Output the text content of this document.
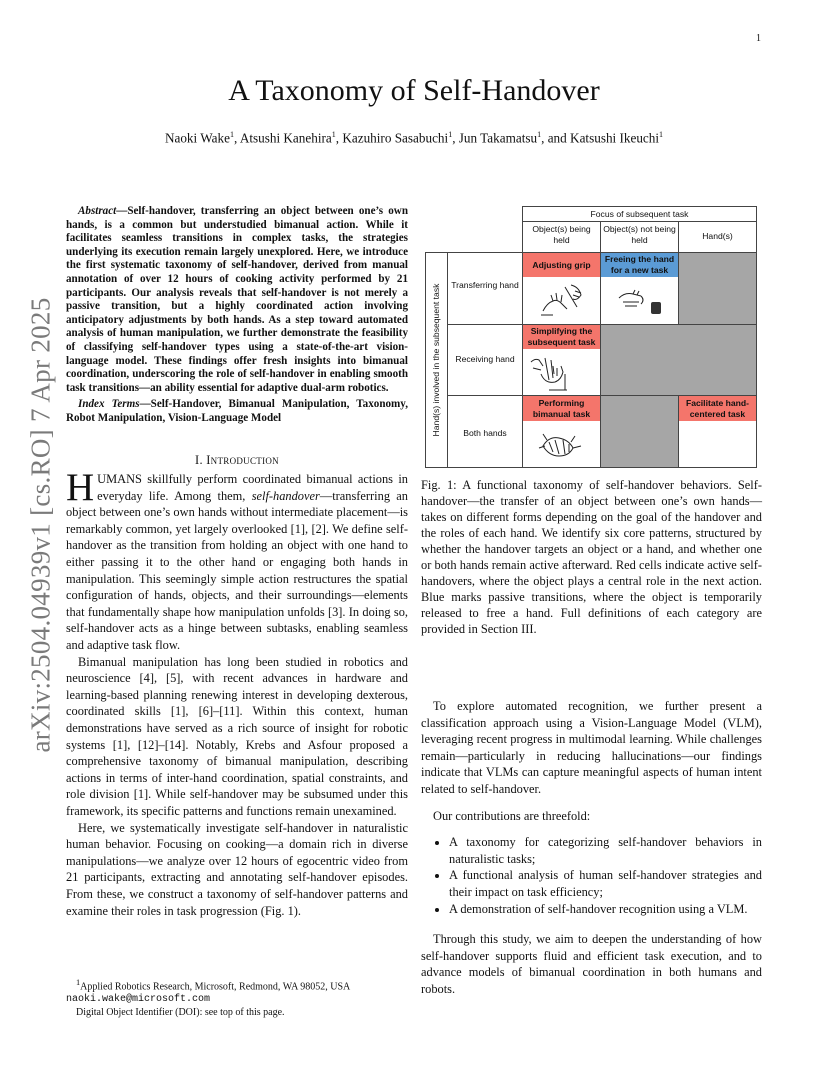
1
arXiv:2504.04939v1 [cs.RO] 7 Apr 2025
A Taxonomy of Self-Handover
Naoki Wake$^1$, Atsushi Kanehira$^1$, Kazuhiro Sasabuchi$^1$, Jun Takamatsu$^1$, and Katsushi Ikeuchi$^1$

Abstract—Self-handover, transferring an object between one’s own hands, is a common but understudied bimanual action. While it facilitates seamless transitions in complex tasks, the strategies underlying its execution remain largely unexplored. Here, we introduce the first systematic taxonomy of self-handover, derived from manual annotation of over 12 hours of cooking activity performed by 21 participants. Our analysis reveals that self-handover is not merely a passive transition, but a highly coordinated action involving anticipatory adjustments by both hands. As a step toward automated analysis of human manipulation, we further demonstrate the feasibility of classifying self-handover types using a state-of-the-art vision-language model. These findings offer fresh insights into bimanual coordination, underscoring the role of self-handover in enabling smooth task transitions—an ability essential for adaptive dual-arm robotics.

Index Terms—Self-Handover, Bimanual Manipulation, Taxonomy, Robot Manipulation, Vision-Language Model

I. Introduction

HUMANS skillfully perform coordinated bimanual actions in everyday life. Among them, self-handover—transferring an object between one’s own hands without intermediate placement—is remarkably common, yet largely overlooked [1], [2]. We define self-handover as the transition from holding an object with one hand to either passing it to the other hand or engaging both hands in manipulation. This seemingly simple action restructures the spatial configuration of hands, objects, and their surroundings—elements that fundamentally shape how manipulation unfolds [3]. In doing so, self-handover acts as a hinge between subtasks, enabling seamless and adaptive task flow.

Bimanual manipulation has long been studied in robotics and neuroscience [4], [5], with recent advances in hardware and learning-based planning renewing interest in developing dexterous, coordinated skills [1], [6]–[11]. Within this context, human demonstrations have served as a rich source of insight for robotic systems [1], [12]–[14]. Notably, Krebs and Asfour proposed a comprehensive taxonomy of bimanual manipulation, describing actions in terms of inter-hand coordination, spatial constraints, and role division [1]. While self-handover may be subsumed under this framework, its specific patterns and functions remain unexamined.

Here, we systematically investigate self-handover in naturalistic human behavior. Focusing on cooking—a domain rich in diverse manipulations—we analyze over 12 hours of egocentric video from 21 participants, extracting and annotating self-handover episodes. From these, we construct a taxonomy of self-handover patterns and examine their roles in task progression (Fig. 1).

$^1$Applied Robotics Research, Microsoft, Redmond, WA 98052, USA
naoki.wake@microsoft.com
Digital Object Identifier (DOI): see top of this page.
Focus of subsequent task
Object(s) being held
Object(s) not being held	Hand(s)
Hand(s) involved in the subsequent task Transferring hand
Receiving hand
Both hands
Adjusting grip
Freeing the hand for a new task
Simplifying the subsequent task
Performing bimanual task
Facilitate hand-centered task
Fig. 1: A functional taxonomy of self-handover behaviors. Self-handover—the transfer of an object between one’s own hands—takes on different forms depending on the goal of the handover and the roles of each hand. We identify six core patterns, structured by whether the handover targets an object or a hand, and whether one or both hands remain active afterward. Red cells indicate active self-handovers, where the object plays a central role in the next action. Blue marks passive transitions, where the object is temporarily released to free a hand. Full definitions of each category are provided in Section III.

To explore automated recognition, we further present a classification approach using a Vision-Language Model (VLM), leveraging recent progress in multimodal learning. While challenges remain—particularly in reducing hallucinations—our findings indicate that VLMs can capture meaningful aspects of human intent related to self-handover.

Our contributions are threefold:

• A taxonomy for categorizing self-handover behaviors in naturalistic tasks;
• A functional analysis of human self-handover strategies and their impact on task efficiency;
• A demonstration of self-handover recognition using a VLM.

Through this study, we aim to deepen the understanding of how self-handover supports fluid and efficient task execution, and to advance models of bimanual coordination in both humans and robots.
